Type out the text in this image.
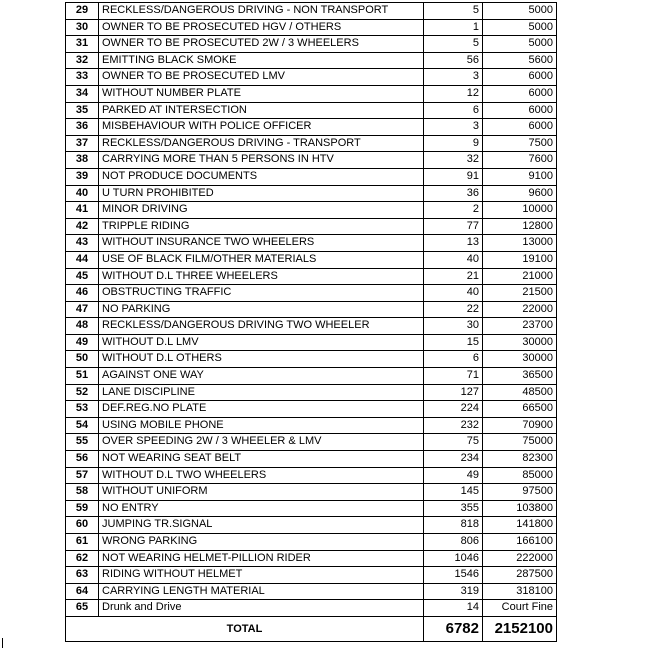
29	RECKLESS/DANGEROUS DRIVING - NON TRANSPORT	5	5000
30	OWNER TO BE PROSECUTED HGV / OTHERS	1	5000
31	OWNER TO BE PROSECUTED 2W / 3 WHEELERS	5	5000
32	EMITTING BLACK SMOKE	56	5600
33	OWNER TO BE PROSECUTED LMV	3	6000
34	WITHOUT NUMBER PLATE	12	6000
35	PARKED AT INTERSECTION	6	6000
36	MISBEHAVIOUR WITH POLICE OFFICER	3	6000
37	RECKLESS/DANGEROUS DRIVING - TRANSPORT	9	7500
38	CARRYING MORE THAN 5 PERSONS IN HTV	32	7600
39	NOT PRODUCE DOCUMENTS	91	9100
40	U TURN PROHIBITED	36	9600
41	MINOR DRIVING	2	10000
42	TRIPPLE RIDING	77	12800
43	WITHOUT INSURANCE TWO WHEELERS	13	13000
44	USE OF BLACK FILM/OTHER MATERIALS	40	19100
45	WITHOUT D.L THREE WHEELERS	21	21000
46	OBSTRUCTING TRAFFIC	40	21500
47	NO PARKING	22	22000
48	RECKLESS/DANGEROUS DRIVING TWO WHEELER	30	23700
49	WITHOUT D.L LMV	15	30000
50	WITHOUT D.L OTHERS	6	30000
51	AGAINST ONE WAY	71	36500
52	LANE DISCIPLINE	127	48500
53	DEF.REG.NO PLATE	224	66500
54	USING MOBILE PHONE	232	70900
55	OVER SPEEDING 2W / 3 WHEELER & LMV	75	75000
56	NOT WEARING SEAT BELT	234	82300
57	WITHOUT D.L TWO WHEELERS	49	85000
58	WITHOUT UNIFORM	145	97500
59	NO ENTRY	355	103800
60	JUMPING TR.SIGNAL	818	141800
61	WRONG PARKING	806	166100
62	NOT WEARING HELMET-PILLION RIDER	1046	222000
63	RIDING WITHOUT HELMET	1546	287500
64	CARRYING LENGTH MATERIAL	319	318100
65	Drunk and Drive	14	Court Fine
TOTAL		6782	2152100
